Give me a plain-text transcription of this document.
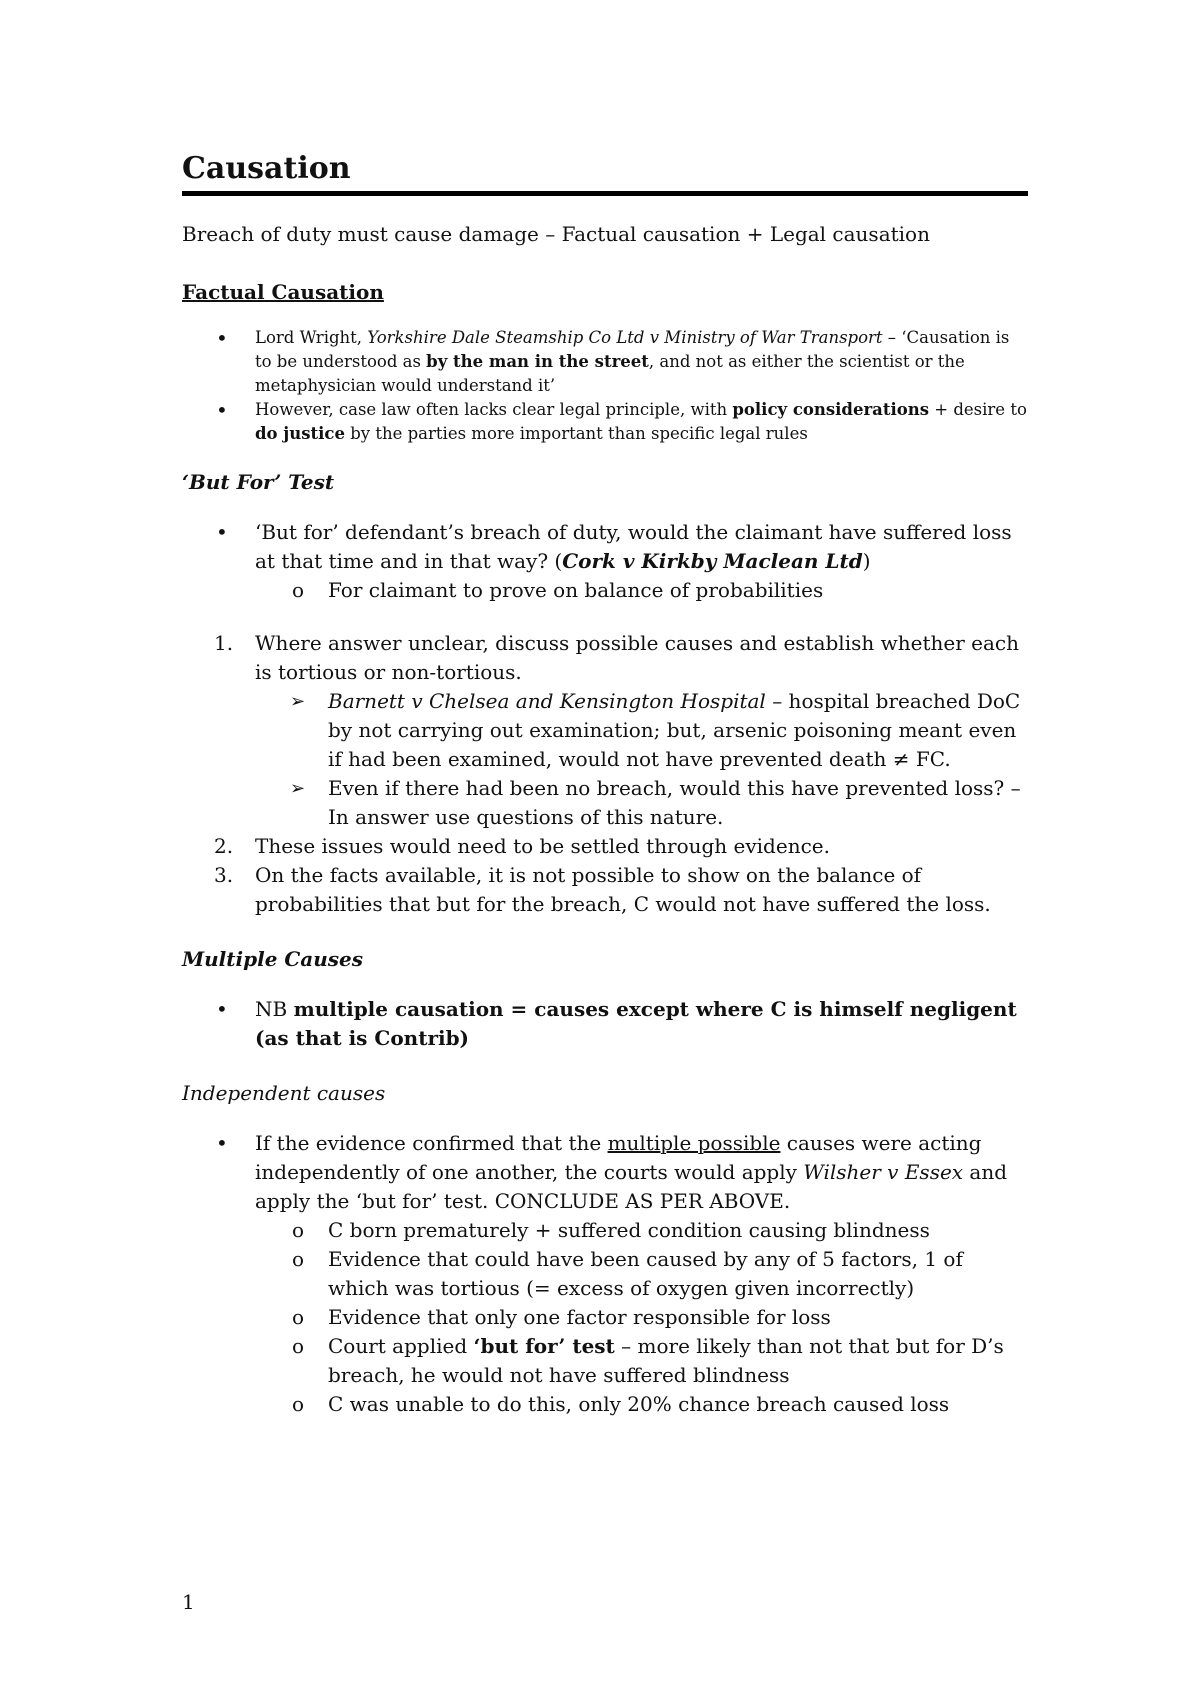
Causation

Breach of duty must cause damage – Factual causation + Legal causation

Factual Causation

• Lord Wright, Yorkshire Dale Steamship Co Ltd v Ministry of War Transport – ‘Causation is to be understood as by the man in the street, and not as either the scientist or the metaphysician would understand it’
• However, case law often lacks clear legal principle, with policy considerations + desire to do justice by the parties more important than specific legal rules

‘But For’ Test

• ‘But for’ defendant’s breach of duty, would the claimant have suffered loss at that time and in that way? (Cork v Kirkby Maclean Ltd)
o For claimant to prove on balance of probabilities
1. Where answer unclear, discuss possible causes and establish whether each is tortious or non-tortious.
➢ Barnett v Chelsea and Kensington Hospital – hospital breached DoC by not carrying out examination; but, arsenic poisoning meant even if had been examined, would not have prevented death ≠ FC.
➢ Even if there had been no breach, would this have prevented loss? – In answer use questions of this nature.
2. These issues would need to be settled through evidence.
3. On the facts available, it is not possible to show on the balance of probabilities that but for the breach, C would not have suffered the loss.

Multiple Causes

• NB multiple causation = causes except where C is himself negligent (as that is Contrib)

Independent causes

• If the evidence confirmed that the multiple possible causes were acting independently of one another, the courts would apply Wilsher v Essex and apply the ‘but for’ test. CONCLUDE AS PER ABOVE.
o C born prematurely + suffered condition causing blindness
o Evidence that could have been caused by any of 5 factors, 1 of which was tortious (= excess of oxygen given incorrectly)
o Evidence that only one factor responsible for loss
o Court applied ‘but for’ test – more likely than not that but for D’s breach, he would not have suffered blindness
o C was unable to do this, only 20% chance breach caused loss
1
